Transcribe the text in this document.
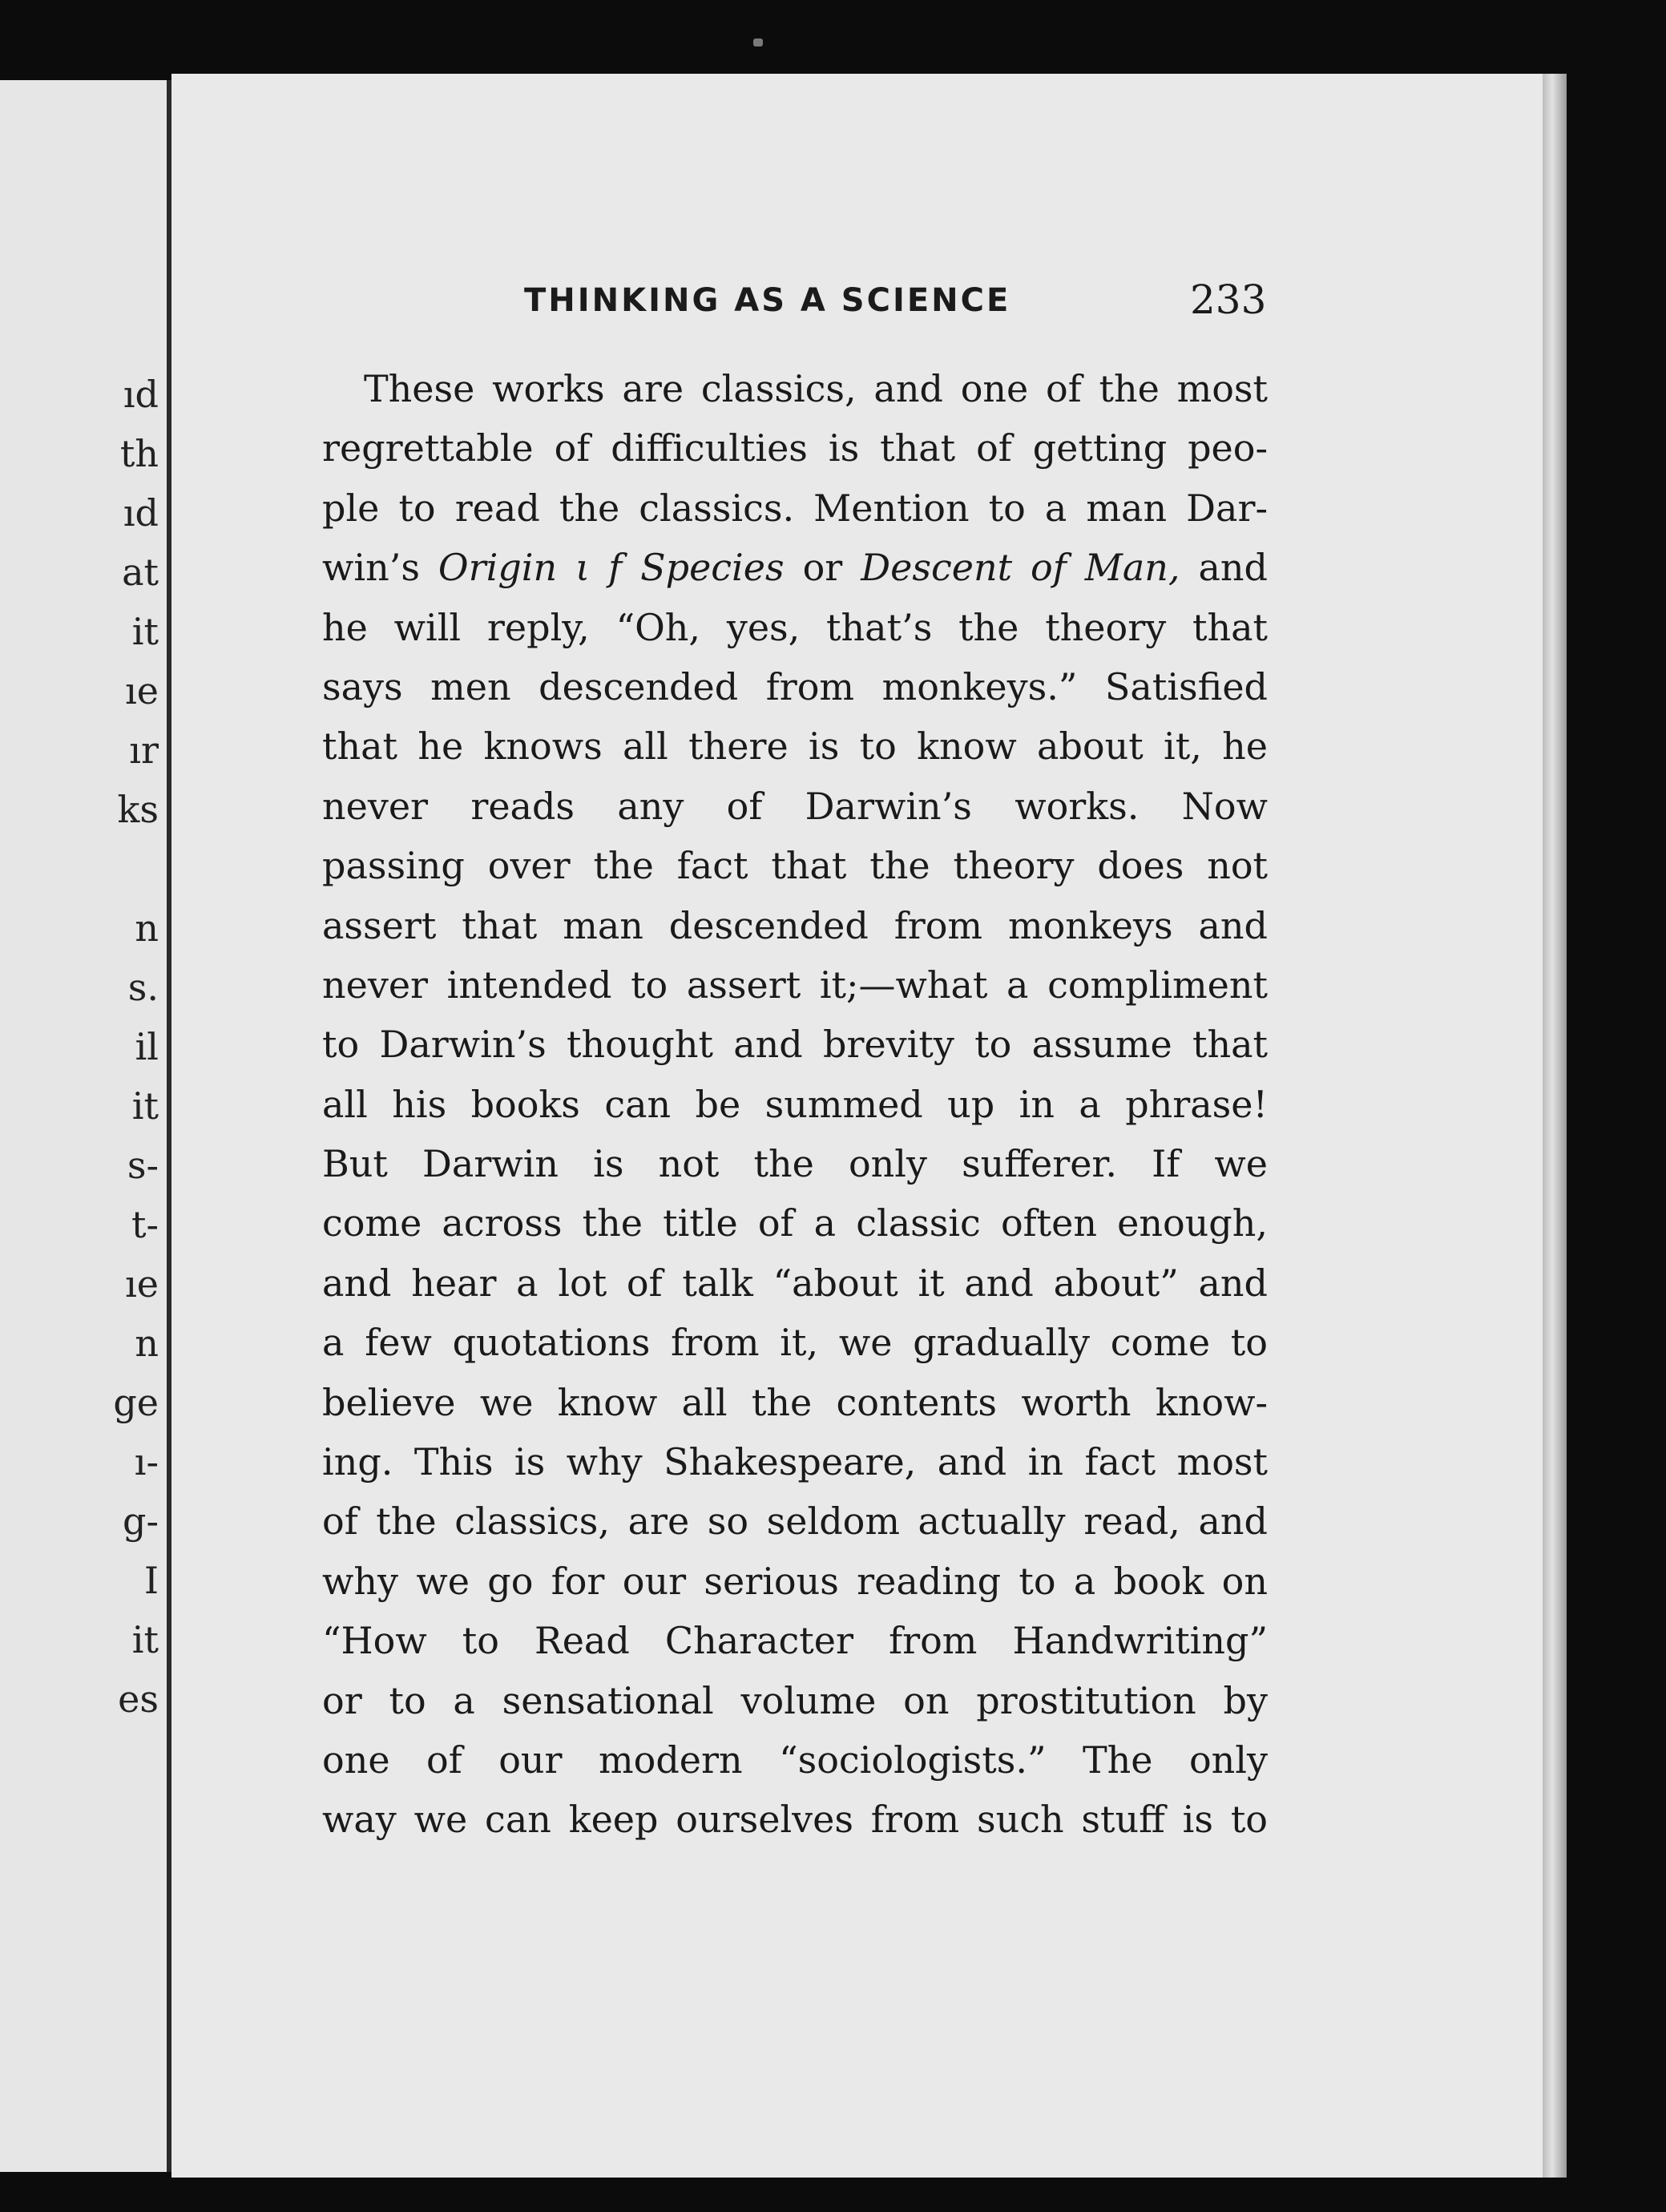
ıd
th
ıd
at
it
ıe
ır
ks
n
s.
il
it
s-
t-
ıe
n
ge
ı-
g-
I
it
es
THINKING AS A SCIENCE	233
These works are classics, and one of the most
regrettable of difficulties is that of getting peo-
ple to read the classics. Mention to a man Dar-
win’s Origin ι f Species or Descent of Man, and
he will reply, “Oh, yes, that’s the theory that
says men descended from monkeys.” Satisfied
that he knows all there is to know about it, he
never reads any of Darwin’s works. Now
passing over the fact that the theory does not
assert that man descended from monkeys and
never intended to assert it;—what a compliment
to Darwin’s thought and brevity to assume that
all his books can be summed up in a phrase!
But Darwin is not the only sufferer. If we
come across the title of a classic often enough,
and hear a lot of talk “about it and about” and
a few quotations from it, we gradually come to
believe we know all the contents worth know-
ing. This is why Shakespeare, and in fact most
of the classics, are so seldom actually read, and
why we go for our serious reading to a book on
“How to Read Character from Handwriting”
or to a sensational volume on prostitution by
one of our modern “sociologists.” The only
way we can keep ourselves from such stuff is to
